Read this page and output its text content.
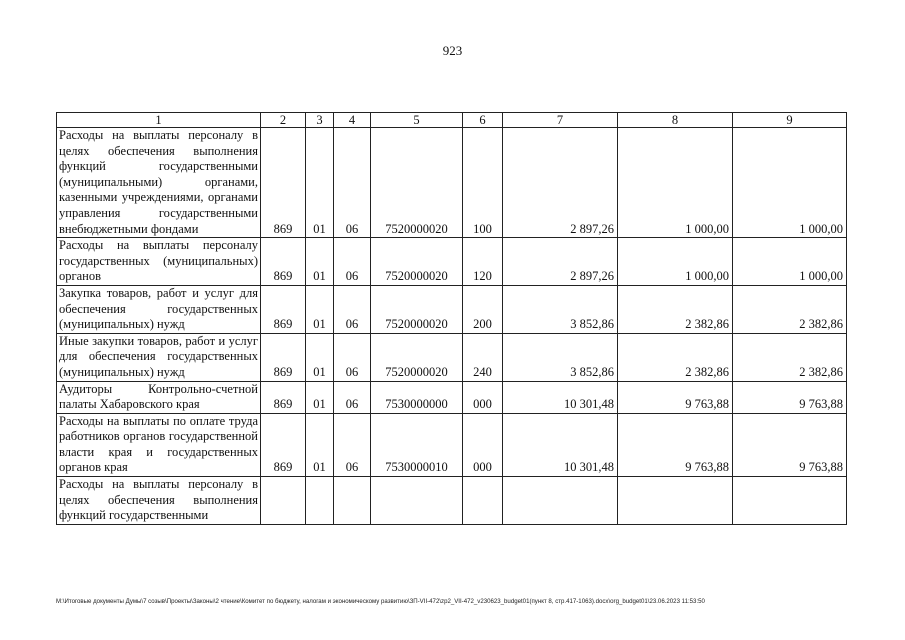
923
1	2	3	4	5	6	7	8	9
Расходы на выплаты персоналу в целях обеспечения выполнения функций государственными (муниципальными) органами, казенными учреждениями, органами управления государственными внебюджетными фондами	869	01	06	7520000020	100	2 897,26	1 000,00	1 000,00
Расходы на выплаты персоналу государственных (муниципальных) органов	869	01	06	7520000020	120	2 897,26	1 000,00	1 000,00
Закупка товаров, работ и услуг для обеспечения государственных (муниципальных) нужд	869	01	06	7520000020	200	3 852,86	2 382,86	2 382,86
Иные закупки товаров, работ и услуг для обеспечения государственных (муниципальных) нужд	869	01	06	7520000020	240	3 852,86	2 382,86	2 382,86
Аудиторы Контрольно-счетной палаты Хабаровского края	869	01	06	7530000000	000	10 301,48	9 763,88	9 763,88
Расходы на выплаты по оплате труда работников органов государственной власти края и государственных органов края	869	01	06	7530000010	000	10 301,48	9 763,88	9 763,88
Расходы на выплаты персоналу в целях обеспечения выполнения функций государственными								
M:\Итоговые документы Думы\7 созыв\Проекты\Законы\2 чтение\Комитет по бюджету, налогам и экономическому развитию\ЗП-VII-472\zp2_VII-472_v230623_budget01(пункт 8, стр.417-1063).docx\org_budget01\23.06.2023 11:53:50
